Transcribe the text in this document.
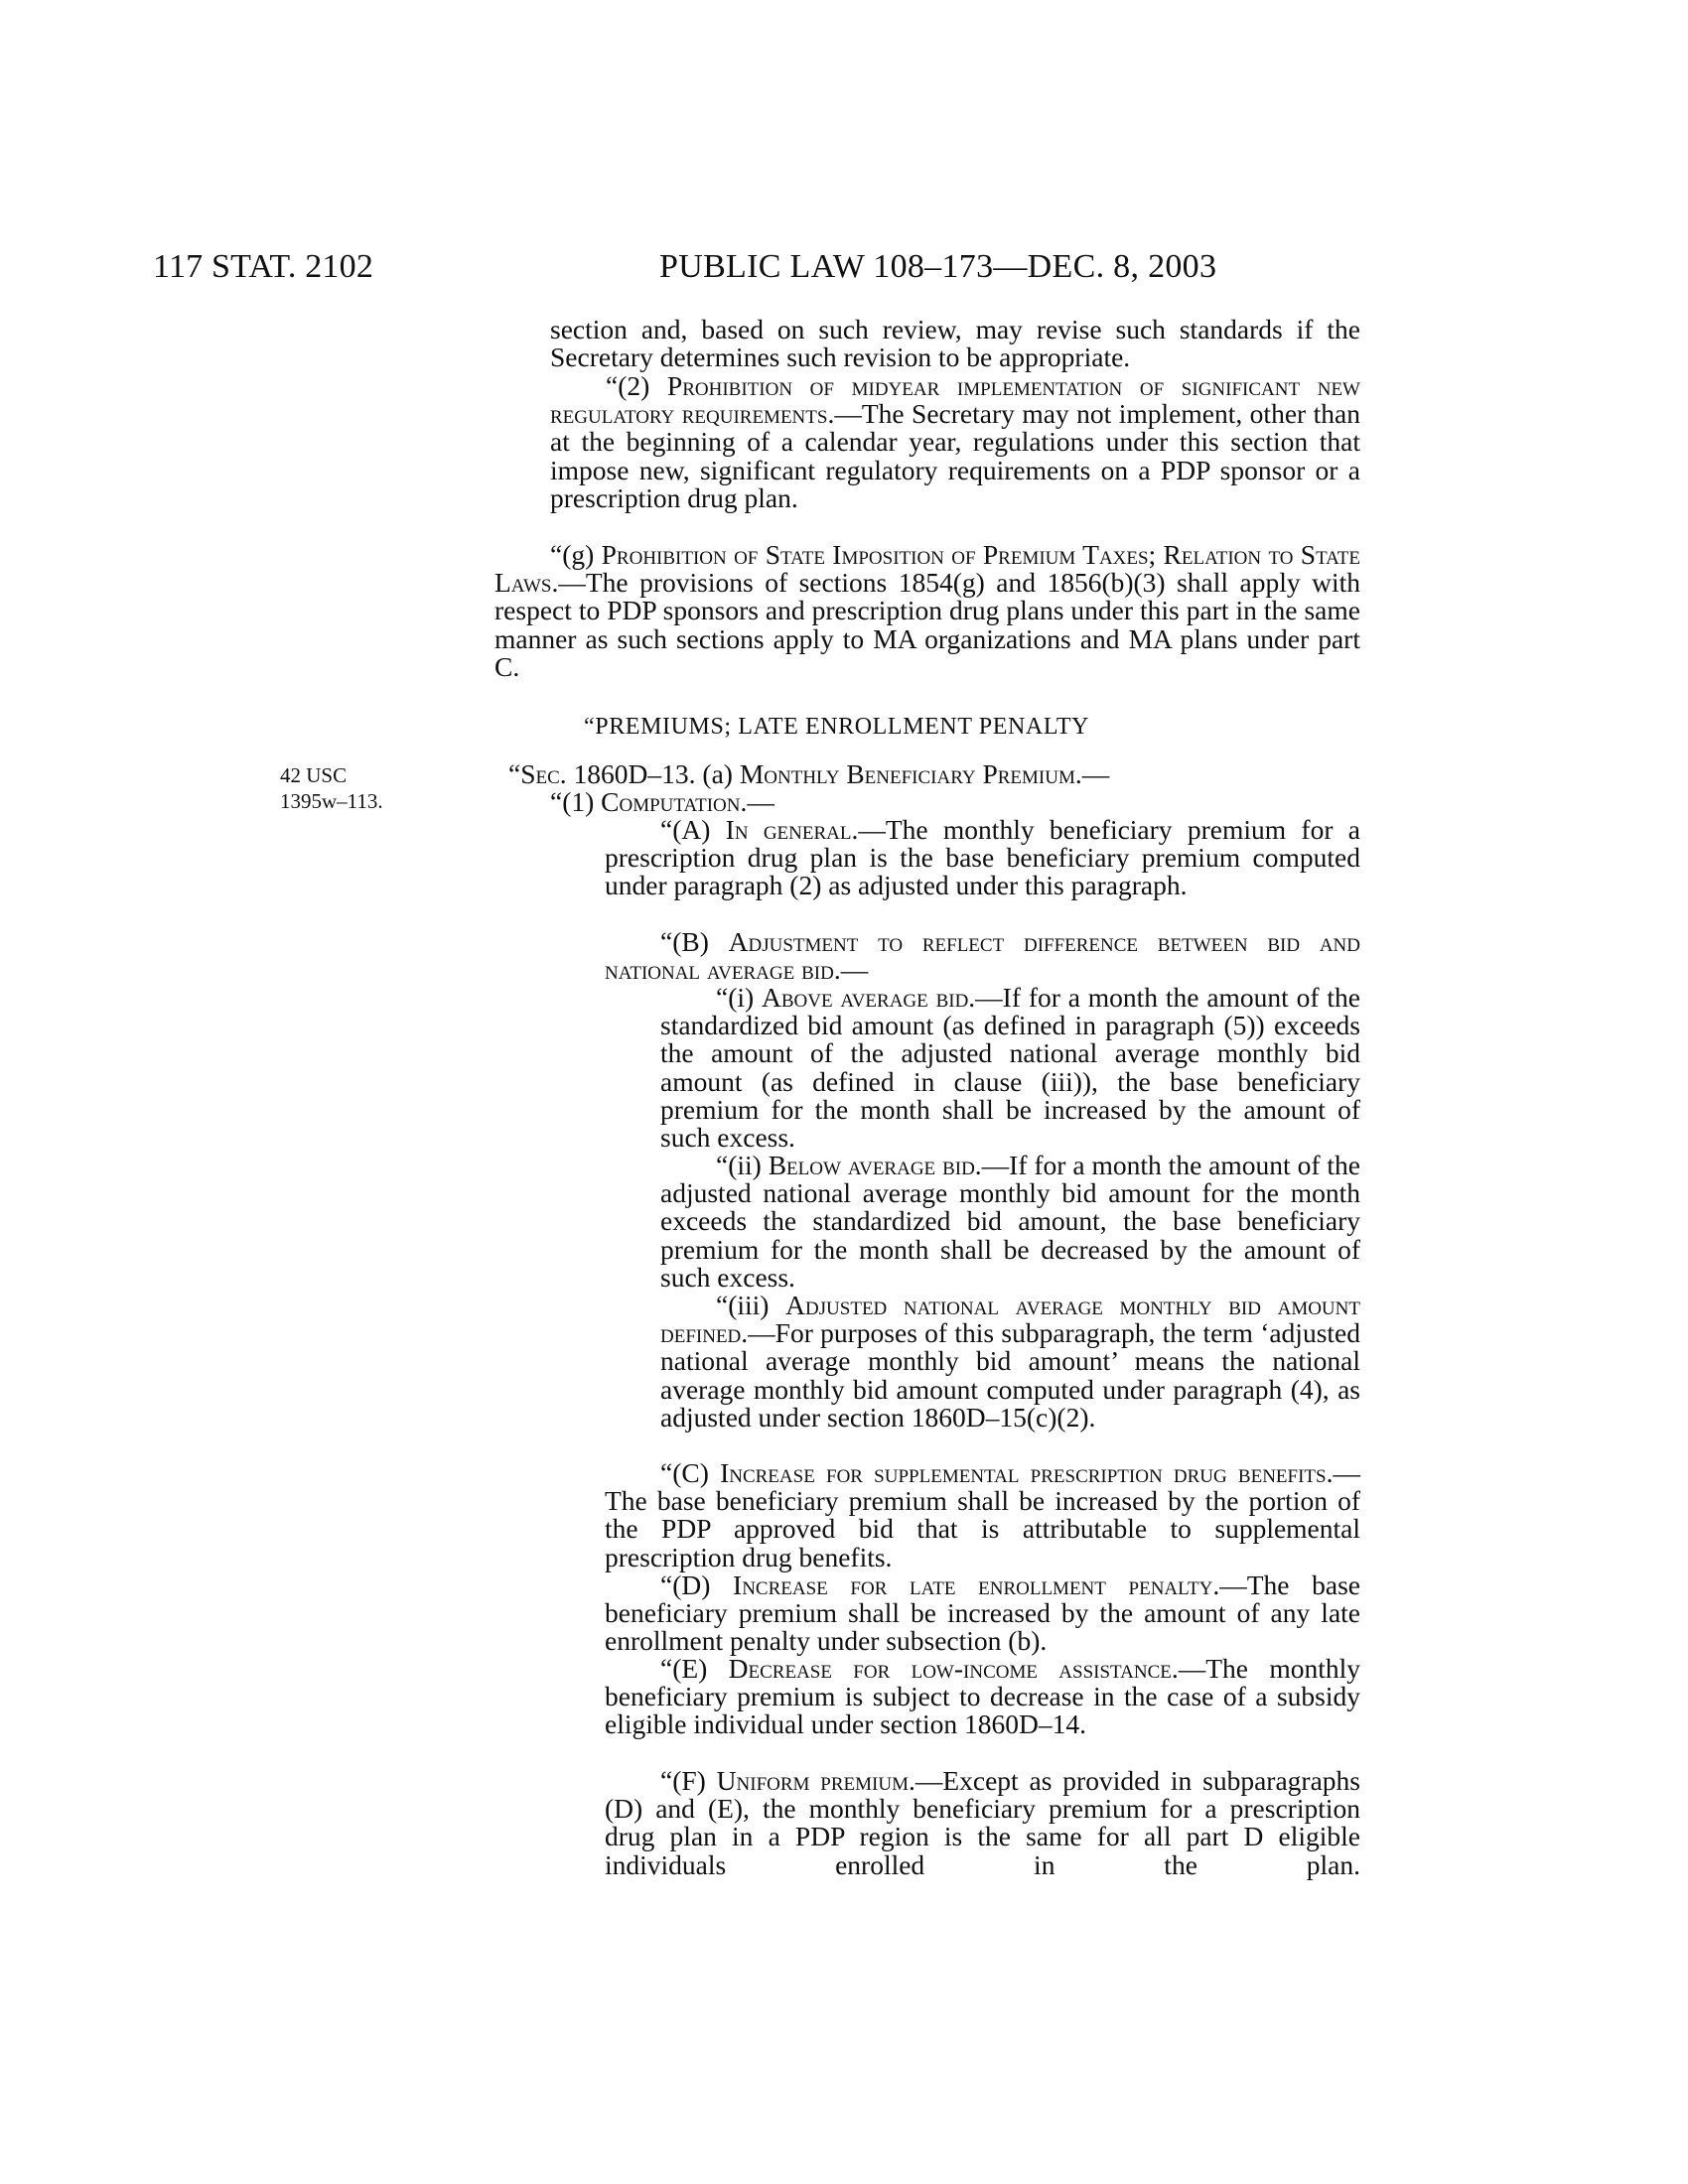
117 STAT. 2102	PUBLIC LAW 108–173—DEC. 8, 2003
42 USC
1395w–113.
section and, based on such review, may revise such standards if the Secretary determines such revision to be appropriate.
“(2) Prohibition of midyear implementation of significant new regulatory requirements.—The Secretary may not implement, other than at the beginning of a calendar year, regulations under this section that impose new, significant regulatory requirements on a PDP sponsor or a prescription drug plan.
“(g) Prohibition of State Imposition of Premium Taxes; Relation to State Laws.—The provisions of sections 1854(g) and 1856(b)(3) shall apply with respect to PDP sponsors and prescription drug plans under this part in the same manner as such sections apply to MA organizations and MA plans under part C.
“PREMIUMS; LATE ENROLLMENT PENALTY
“Sec. 1860D–13. (a) Monthly Beneficiary Premium.—
“(1) Computation.—
“(A) In general.—The monthly beneficiary premium for a prescription drug plan is the base beneficiary premium computed under paragraph (2) as adjusted under this paragraph.
“(B) Adjustment to reflect difference between bid and national average bid.—
“(i) Above average bid.—If for a month the amount of the standardized bid amount (as defined in paragraph (5)) exceeds the amount of the adjusted national average monthly bid amount (as defined in clause (iii)), the base beneficiary premium for the month shall be increased by the amount of such excess.
“(ii) Below average bid.—If for a month the amount of the adjusted national average monthly bid amount for the month exceeds the standardized bid amount, the base beneficiary premium for the month shall be decreased by the amount of such excess.
“(iii) Adjusted national average monthly bid amount defined.—For purposes of this subparagraph, the term ‘adjusted national average monthly bid amount’ means the national average monthly bid amount computed under paragraph (4), as adjusted under section 1860D–15(c)(2).
“(C) Increase for supplemental prescription drug benefits.—The base beneficiary premium shall be increased by the portion of the PDP approved bid that is attributable to supplemental prescription drug benefits.
“(D) Increase for late enrollment penalty.—The base beneficiary premium shall be increased by the amount of any late enrollment penalty under subsection (b).
“(E) Decrease for low-income assistance.—The monthly beneficiary premium is subject to decrease in the case of a subsidy eligible individual under section 1860D–14.
“(F) Uniform premium.—Except as provided in subparagraphs (D) and (E), the monthly beneficiary premium for a prescription drug plan in a PDP region is the same for all part D eligible individuals enrolled in the plan.
